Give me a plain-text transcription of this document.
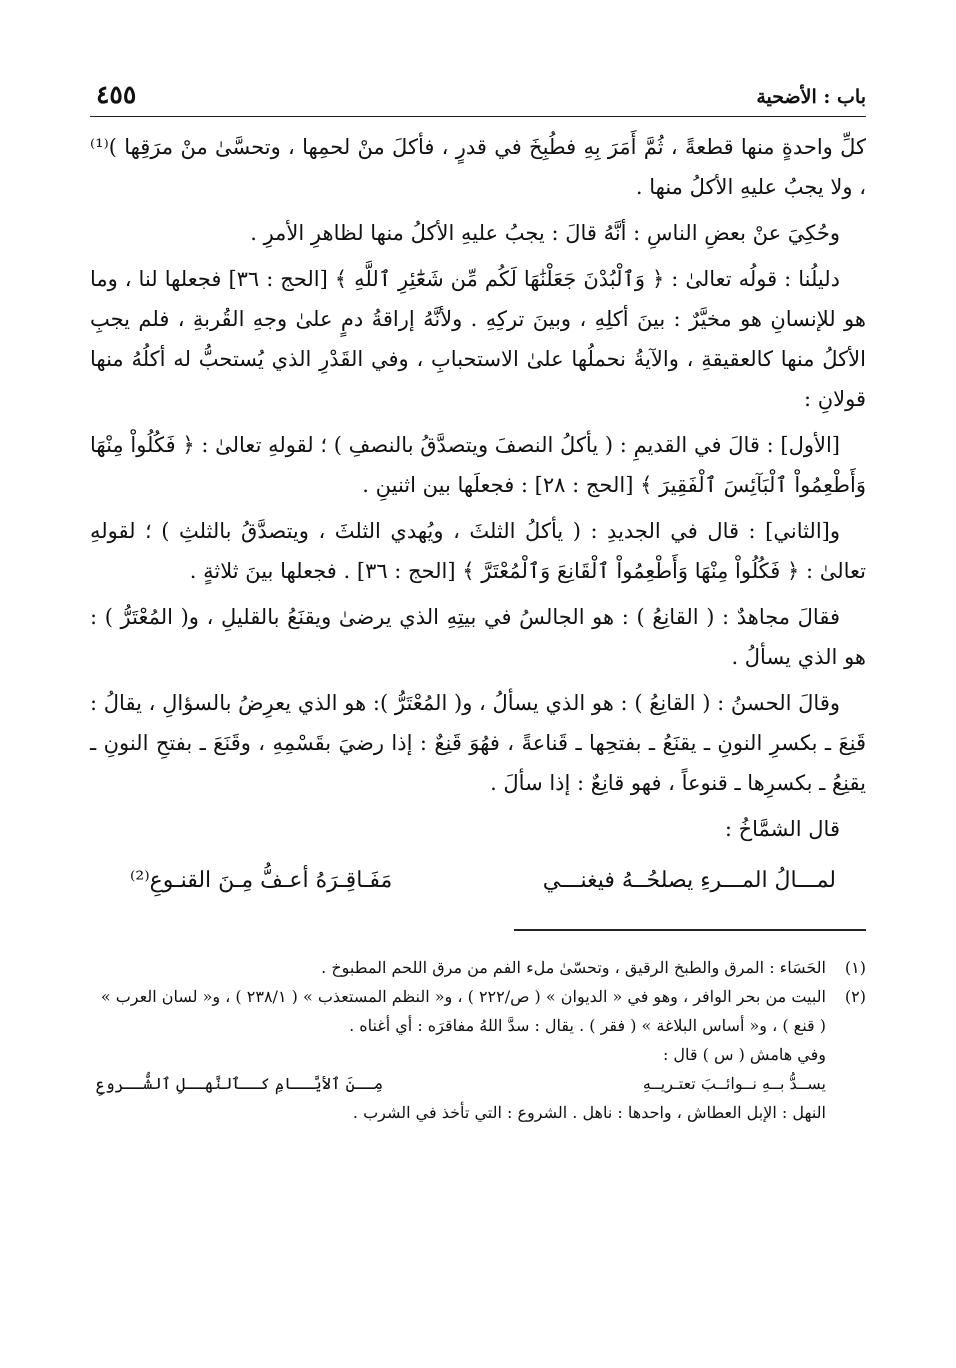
باب : الأضحية
٤٥٥

كلِّ واحدةٍ منها قطعةً ، ثُمَّ أَمَرَ بِهِ فطُبِخَ في قدرٍ ، فأكلَ منْ لحمِها ، وتحسَّىٰ منْ مرَقِها )⁽¹⁾ ، ولا يجبُ عليهِ الأكلُ منها .

وحُكِيَ عنْ بعضِ الناسِ : أنَّهُ قالَ : يجبُ عليهِ الأكلُ منها لظاهرِ الأمرِ .

دليلُنا : قولُه تعالىٰ : ﴿ وَٱلْبُدْنَ جَعَلْنَٰهَا لَكُم مِّن شَعَٰٓئِرِ ٱللَّهِ ﴾ [الحج : ٣٦] فجعلها لنا ، وما هو للإنسانِ هو مخيَّرٌ : بينَ أكلِهِ ، وبينَ تركِهِ . ولأنَّهُ إراقةُ دمٍ علىٰ وجهِ القُربةِ ، فلم يجبِ الأكلُ منها كالعقيقةِ ، والآيةُ نحملُها علىٰ الاستحبابِ ، وفي القَدْرِ الذي يُستحبُّ له أكلُهُ منها قولانِ :

[الأول] : قالَ في القديمِ : ( يأكلُ النصفَ ويتصدَّقُ بالنصفِ ) ؛ لقولهِ تعالىٰ : ﴿ فَكُلُواْ مِنْهَا وَأَطْعِمُواْ ٱلْبَآئِسَ ٱلْفَقِيرَ ﴾ [الحج : ٢٨] : فجعلَها بين اثنينِ .

و[الثاني] : قال في الجديدِ : ( يأكلُ الثلثَ ، ويُهدي الثلثَ ، ويتصدَّقُ بالثلثِ ) ؛ لقولهِ تعالىٰ : ﴿ فَكُلُواْ مِنْهَا وَأَطْعِمُواْ ٱلْقَانِعَ وَٱلْمُعْتَرَّ ﴾ [الحج : ٣٦] . فجعلها بينَ ثلاثةٍ .

فقالَ مجاهدٌ : ( القانِعُ ) : هو الجالسُ في بيتِهِ الذي يرضىٰ ويقنَعُ بالقليلِ ، و( المُعْتَرُّ ) : هو الذي يسألُ .

وقالَ الحسنُ : ( القانِعُ ) : هو الذي يسألُ ، و( المُعْتَرُّ ): هو الذي يعرِضُ بالسؤالِ ، يقالُ : قَنِعَ ـ بكسرِ النونِ ـ يقنَعُ ـ بفتحِها ـ قَناعةً ، فهُوَ قَنِعٌ : إذا رضيَ بقَسْمِهِ ، وقَنَعَ ـ بفتحِ النونِ ـ يقنِعُ ـ بكسرِها ـ قنوعاً ، فهو قانِعٌ : إذا سألَ .

قال الشمَّاخُ :

لمـــالُ المـــرءِ يصلحُــهُ فيغنـــي
مَفَـاقِـرَهُ أعـفُّ مِـنَ القنـوعِ⁽²⁾
(١)
الحَسَاء : المرق والطبخ الرقيق ، وتحسّىٰ ملء الفم من مرق اللحم المطبوخ .
(٢)

البيت من بحر الوافر ، وهو في « الديوان » ( ص/٢٢٢ ) ، و« النظم المستعذب » ( ٢٣٨/١ ) ، و« لسان العرب » ( قنع ) ، و« أساس البلاغة » ( فقر ) . يقال : سدَّ اللهُ مفاقرَه : أي أغناه .

وفي هامش ( س ) قال :

يســدُّ بــهِ نــوائــبَ تعتـريــهِ
مِــنَ ٱلأيَّــامِ كــٱلنَّهــلِ ٱلشُّــروعِ

النهل : الإبل العطاش ، واحدها : ناهل . الشروع : التي تأخذ في الشرب .
